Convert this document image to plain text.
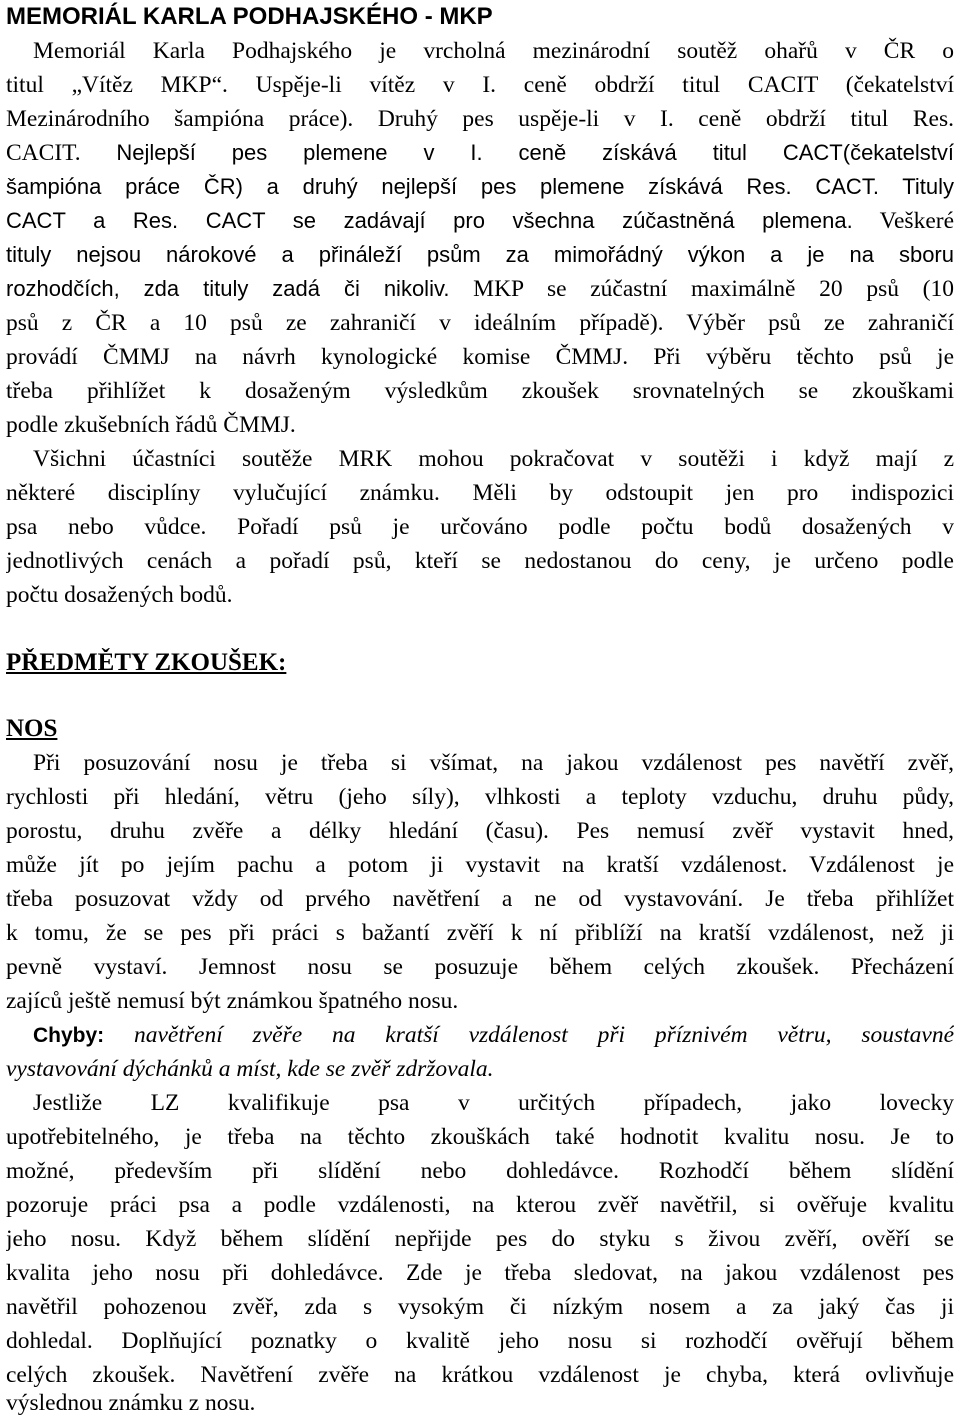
MEMORIÁL KARLA PODHAJSKÉHO - MKP
Memoriál Karla Podhajského je vrcholná mezinárodní soutěž ohařů v ČR o
titul „Vítěz MKP“. Uspěje-li vítěz v I. ceně obdrží titul CACIT (čekatelství
Mezinárodního šampióna práce). Druhý pes uspěje-li v I. ceně obdrží titul Res.
CACIT. Nejlepší pes plemene v I. ceně získává titul CACT(čekatelství
šampióna práce ČR) a druhý nejlepší pes plemene získává Res. CACT. Tituly
CACT a Res. CACT se zadávají pro všechna zúčastněná plemena. Veškeré
tituly nejsou nárokové a přináleží psům za mimořádný výkon a je na sboru
rozhodčích, zda tituly zadá či nikoliv. MKP se zúčastní maximálně 20 psů (10
psů z ČR a 10 psů ze zahraničí v ideálním případě). Výběr psů ze zahraničí
provádí ČMMJ na návrh kynologické komise ČMMJ. Při výběru těchto psů je
třeba přihlížet k dosaženým výsledkům zkoušek srovnatelných se zkouškami
podle zkušebních řádů ČMMJ.
Všichni účastníci soutěže MRK mohou pokračovat v soutěži i když mají z
některé disciplíny vylučující známku. Měli by odstoupit jen pro indispozici
psa nebo vůdce. Pořadí psů je určováno podle počtu bodů dosažených v
jednotlivých cenách a pořadí psů, kteří se nedostanou do ceny, je určeno podle
počtu dosažených bodů.
PŘEDMĚTY ZKOUŠEK:
NOS
Při posuzování nosu je třeba si všímat, na jakou vzdálenost pes navětří zvěř,
rychlosti při hledání, větru (jeho síly), vlhkosti a teploty vzduchu, druhu půdy,
porostu, druhu zvěře a délky hledání (času). Pes nemusí zvěř vystavit hned,
může jít po jejím pachu a potom ji vystavit na kratší vzdálenost. Vzdálenost je
třeba posuzovat vždy od prvého navětření a ne od vystavování. Je třeba přihlížet
k tomu, že se pes při práci s bažantí zvěří k ní přiblíží na kratší vzdálenost, než ji
pevně vystaví. Jemnost nosu se posuzuje během celých zkoušek. Přecházení
zajíců ještě nemusí být známkou špatného nosu.
Chyby: navětření zvěře na kratší vzdálenost při příznivém větru, soustavné
vystavování dýchánků a míst, kde se zvěř zdržovala.
Jestliže LZ kvalifikuje psa v určitých případech, jako lovecky
upotřebitelného, je třeba na těchto zkouškách také hodnotit kvalitu nosu. Je to
možné, především při slídění nebo dohledávce. Rozhodčí během slídění
pozoruje práci psa a podle vzdálenosti, na kterou zvěř navětřil, si ověřuje kvalitu
jeho nosu. Když během slídění nepřijde pes do styku s živou zvěří, ověří se
kvalita jeho nosu při dohledávce. Zde je třeba sledovat, na jakou vzdálenost pes
navětřil pohozenou zvěř, zda s vysokým či nízkým nosem a za jaký čas ji
dohledal. Doplňující poznatky o kvalitě jeho nosu si rozhodčí ověřují během
celých zkoušek. Navětření zvěře na krátkou vzdálenost je chyba, která ovlivňuje
výslednou známku z nosu.
